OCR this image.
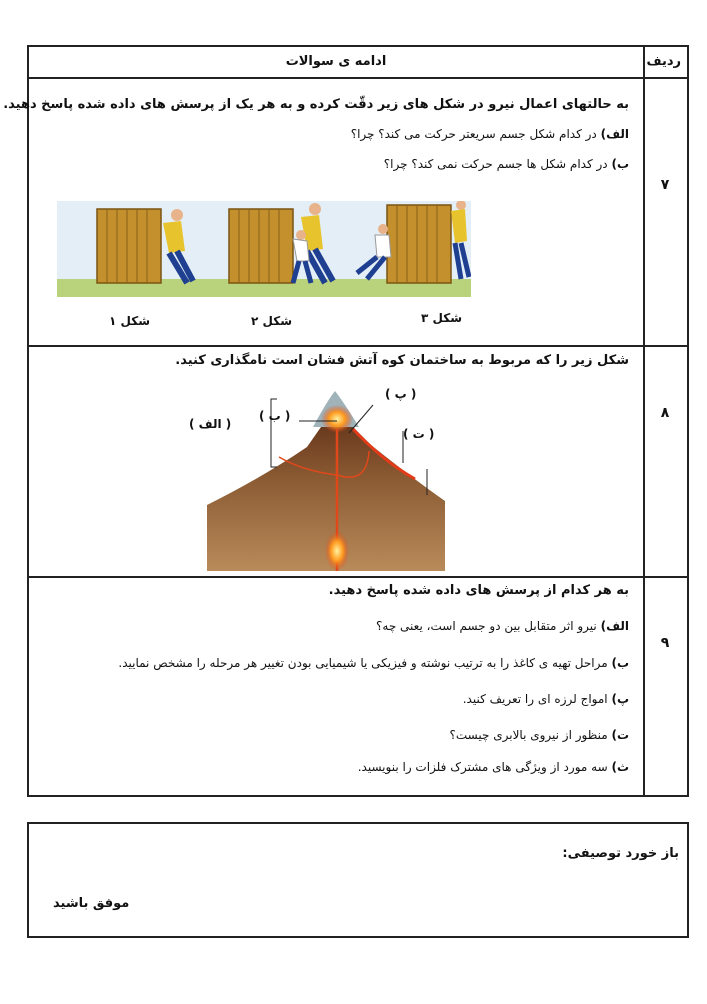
ردیف
ادامه ی سوالات
۷
به حالتهای اعمال نیرو در شکل های زیر دقّت کرده و به هر یک از پرسش های داده شده پاسخ دهید.
الف) در کدام شکل جسم سریعتر حرکت می کند؟ چرا؟
ب) در کدام شکل ها جسم حرکت نمی کند؟ چرا؟
شکل ۱	شکل ۲	شکل ۳
۸
شکل زیر را که مربوط به ساختمان کوه آتش فشان است نامگذاری کنید.
( الف )
( ب )
( پ )
( ت )
۹
به هر کدام از پرسش های داده شده پاسخ دهید.
الف) نیرو اثر متقابل بین دو جسم است، یعنی چه؟
ب) مراحل تهیه ی کاغذ را به ترتیب نوشته و فیزیکی یا شیمیایی بودن تغییر هر مرحله را مشخص نمایید.
پ) امواج لرزه ای را تعریف کنید.
ت) منظور از نیروی بالابری چیست؟
ث) سه مورد از ویژگی های مشترک فلزات را بنویسید.
باز خورد توصیفی:
موفق باشید
